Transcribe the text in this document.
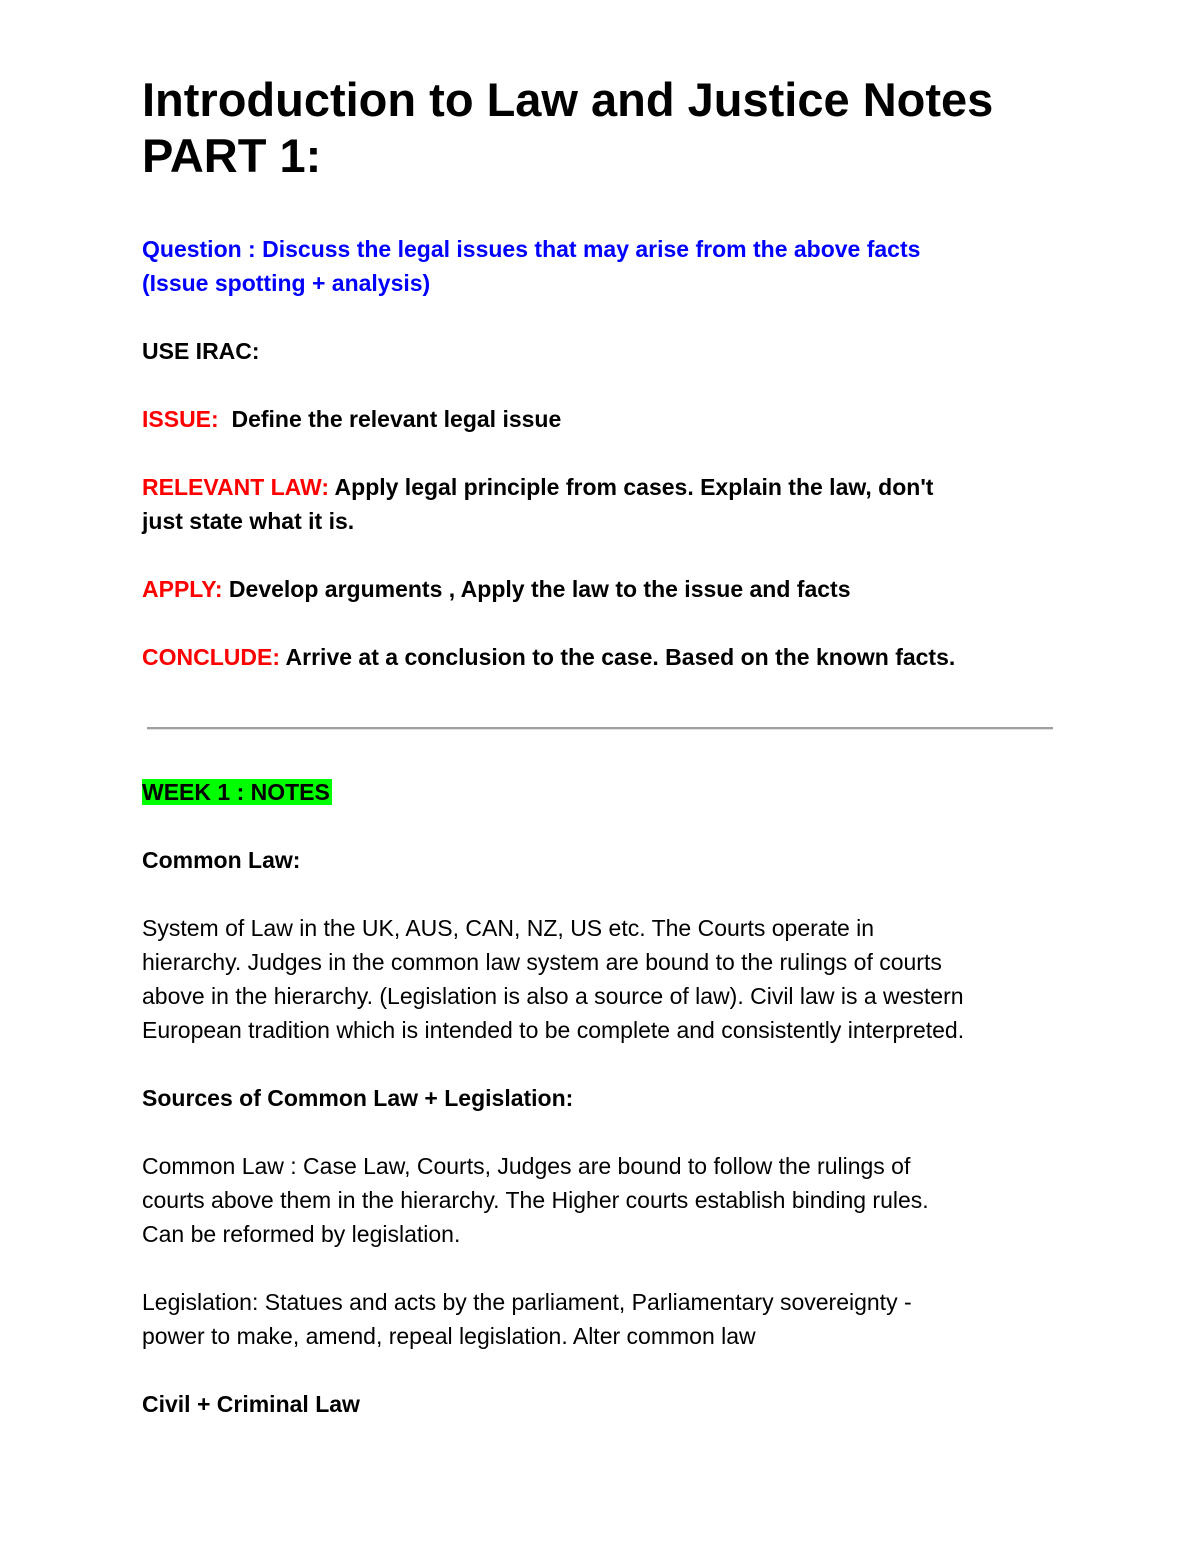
Introduction to Law and Justice Notes

PART 1:

Question : Discuss the legal issues that may arise from the above facts

(Issue spotting + analysis)

USE IRAC:

ISSUE: Define the relevant legal issue

RELEVANT LAW: Apply legal principle from cases. Explain the law, don't

just state what it is.

APPLY: Develop arguments , Apply the law to the issue and facts

CONCLUDE: Arrive at a conclusion to the case. Based on the known facts.

WEEK 1 : NOTES

Common Law:

System of Law in the UK, AUS, CAN, NZ, US etc. The Courts operate in

hierarchy. Judges in the common law system are bound to the rulings of courts

above in the hierarchy. (Legislation is also a source of law). Civil law is a western

European tradition which is intended to be complete and consistently interpreted.

Sources of Common Law + Legislation:

Common Law : Case Law, Courts, Judges are bound to follow the rulings of

courts above them in the hierarchy. The Higher courts establish binding rules.

Can be reformed by legislation.

Legislation: Statues and acts by the parliament, Parliamentary sovereignty -

power to make, amend, repeal legislation. Alter common law

Civil + Criminal Law
